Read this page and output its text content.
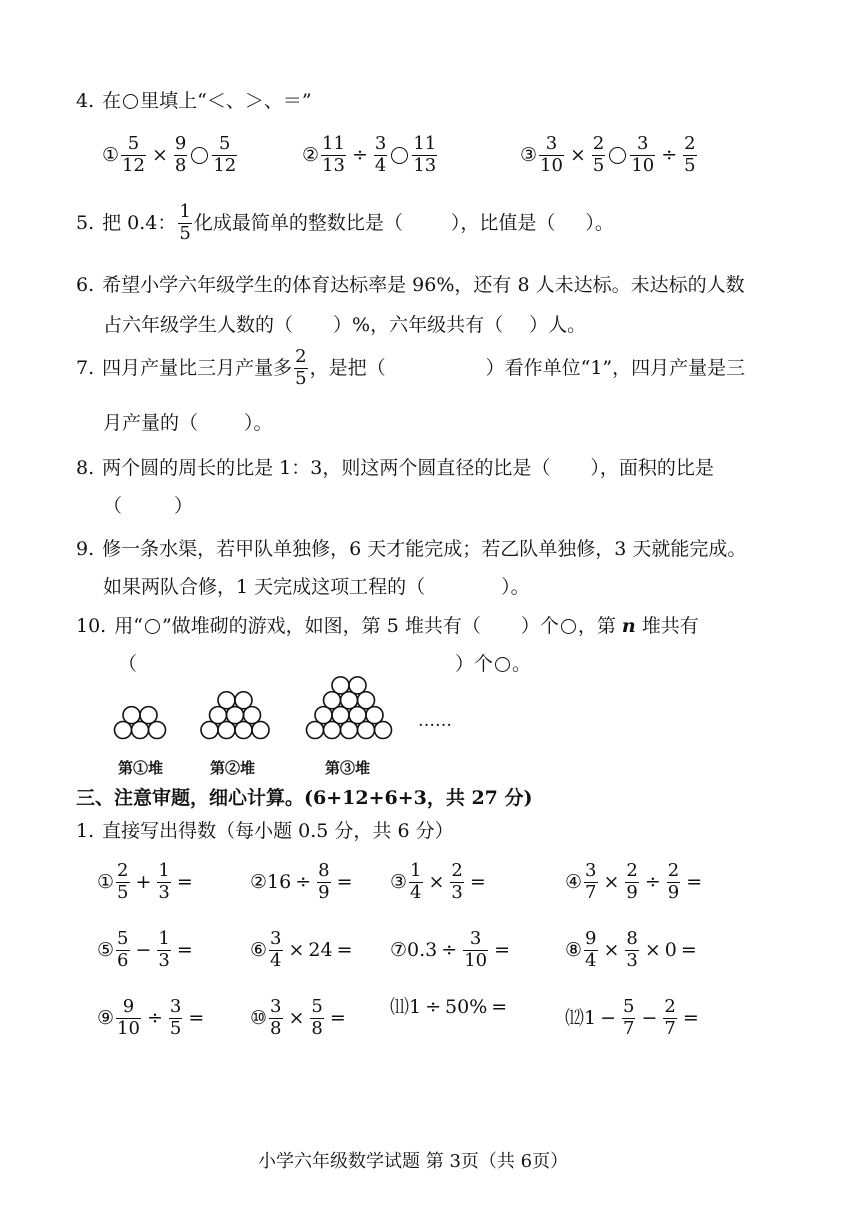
4. 在 里填上“＜、＞、＝”
① $\frac{5}{12} \times \frac{9}{8} \frac{5}{12}$	② $\frac{11}{13} \div \frac{3}{4} \frac{11}{13}$	③ $\frac{3}{10} \times \frac{2}{5} \frac{3}{10} \div \frac{2}{5}$
5. 把 0.4： $\frac{1}{5}$ 化成最简单的整数比是（	），比值是（ ）。
6. 希望小学六年级学生的体育达标率是 96%，还有 8 人未达标。未达标的人数
占六年级学生人数的（ ）%，六年级共有（ ）人。
7. 四月产量比三月产量多 $\frac{2}{5}$ ，是把（	）看作单位“1”，四月产量是三
月产量的（ ）。
8. 两个圆的周长的比是 1：3，则这两个圆直径的比是（ ），面积的比是
（	）
9. 修一条水渠，若甲队单独修，6 天才能完成；若乙队单独修，3 天就能完成。
如果两队合修，1 天完成这项工程的（	）。
10. 用“ ”做堆砌的游戏，如图，第 5 堆共有（ ）个 ，第 n 堆共有
（	）个 。
……
第①堆	第②堆	第③堆
三、注意审题，细心计算。(6+12+6+3，共 27 分)
1. 直接写出得数（每小题 0.5 分，共 6 分）
① $\frac{2}{5} + \frac{1}{3}$ =	② $16 \div \frac{8}{9}$ = ③ $\frac{1}{4} \times \frac{2}{3}$ =	④ $\frac{3}{7} \times \frac{2}{9} \div \frac{2}{9}$ =
⑤ $\frac{5}{6} - \frac{1}{3}$ =	⑥ $\frac{3}{4} \times 24$ = ⑦ $0.3 \div \frac{3}{10}$ =	⑧ $\frac{9}{4} \times \frac{8}{3} \times 0$ =
⑨ $\frac{9}{10} \div \frac{3}{5}$ = ⑩ $\frac{3}{8} \times \frac{5}{8}$ = ⑾ 1 ÷ 50% =	⑿ $1 - \frac{5}{7} - \frac{2}{7}$ =
小学六年级数学试题 第 3页（共 6页）
